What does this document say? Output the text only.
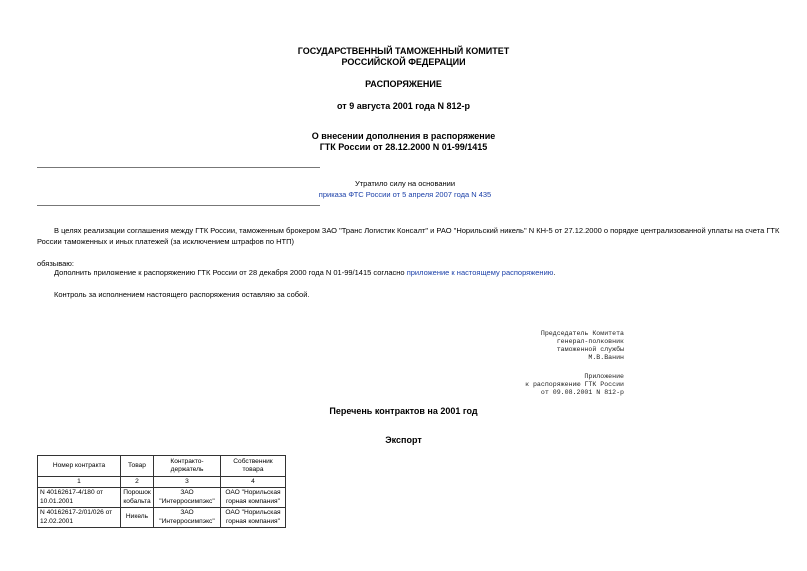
ГОСУДАРСТВЕННЫЙ ТАМОЖЕННЫЙ КОМИТЕТ
РОССИЙСКОЙ ФЕДЕРАЦИИ
РАСПОРЯЖЕНИЕ
от 9 августа 2001 года N 812-р
О внесении дополнения в распоряжение
ГТК России от 28.12.2000 N 01-99/1415
Утратило силу на основании
приказа ФТС России от 5 апреля 2007 года N 435
В целях реализации соглашения между ГТК России, таможенным брокером ЗАО "Транс Логистик Консалт" и РАО "Норильский никель" N КН-5 от 27.12.2000 о порядке централизованной уплаты на счета ГТК
России таможенных и иных платежей (за исключением штрафов по НТП)
обязываю:
Дополнить приложение к распоряжению ГТК России от 28 декабря 2000 года N 01-99/1415 согласно приложение к настоящему распоряжению.
Контроль за исполнением настоящего распоряжения оставляю за собой.
Председатель Комитета
генерал-полковник
таможенной службы
М.В.Ванин
Приложение
к распоряжению ГТК России
от 09.08.2001 N 812-р
Перечень контрактов на 2001 год
Экспорт
Номер контракта	Товар	Контракто-держатель	Собственник товара
1	2	3	4
N 40162617-4/180 от 10.01.2001	Порошок кобальта	ЗАО "Интерросимпэкс"	ОАО "Норильская горная компания"
N 40162617-2/01/026 от 12.02.2001	Никель	ЗАО "Интерросимпэкс"	ОАО "Норильская горная компания"
